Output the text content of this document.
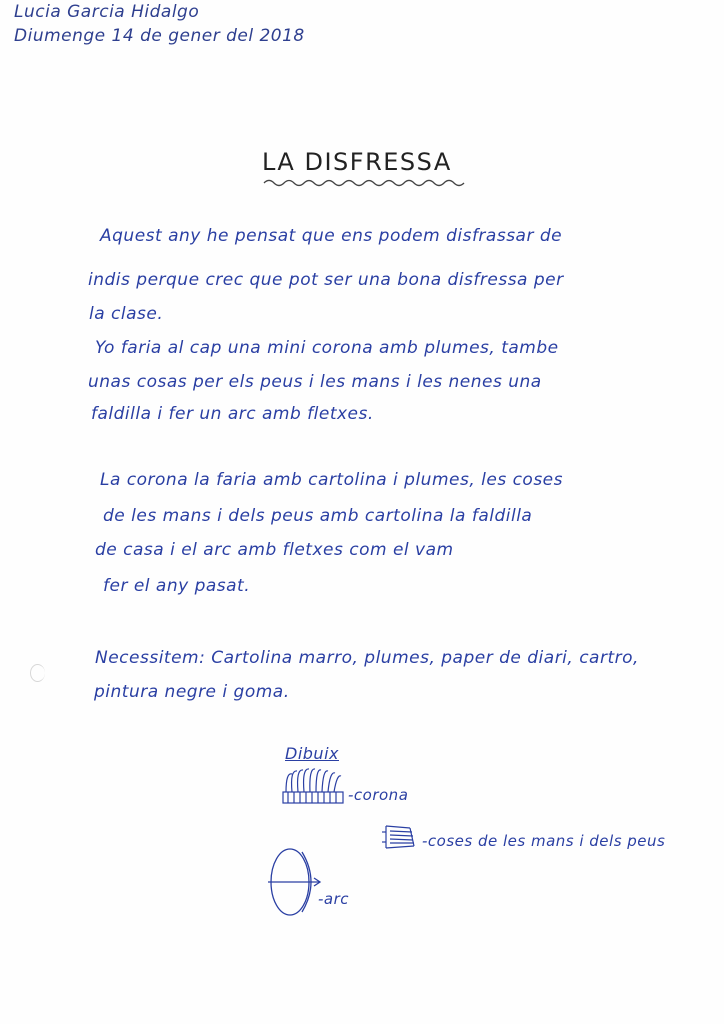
Lucia Garcia Hidalgo
Diumenge 14 de gener del 2018
LA DISFRESSA
Aquest any he pensat que ens podem disfrassar de
indis perque crec que pot ser una bona disfressa per
la clase.
Yo faria al cap una mini corona amb plumes, tambe
unas cosas per els peus i les mans i les nenes una
faldilla i fer un arc amb fletxes.
La corona la faria amb cartolina i plumes, les coses
de les mans i dels peus amb cartolina la faldilla
de casa i el arc amb fletxes com el vam
fer el any pasat.
Necessitem: Cartolina marro, plumes, paper de diari, cartro,
pintura negre i goma.
Dibuix
-corona
-coses de les mans i dels peus
-arc
